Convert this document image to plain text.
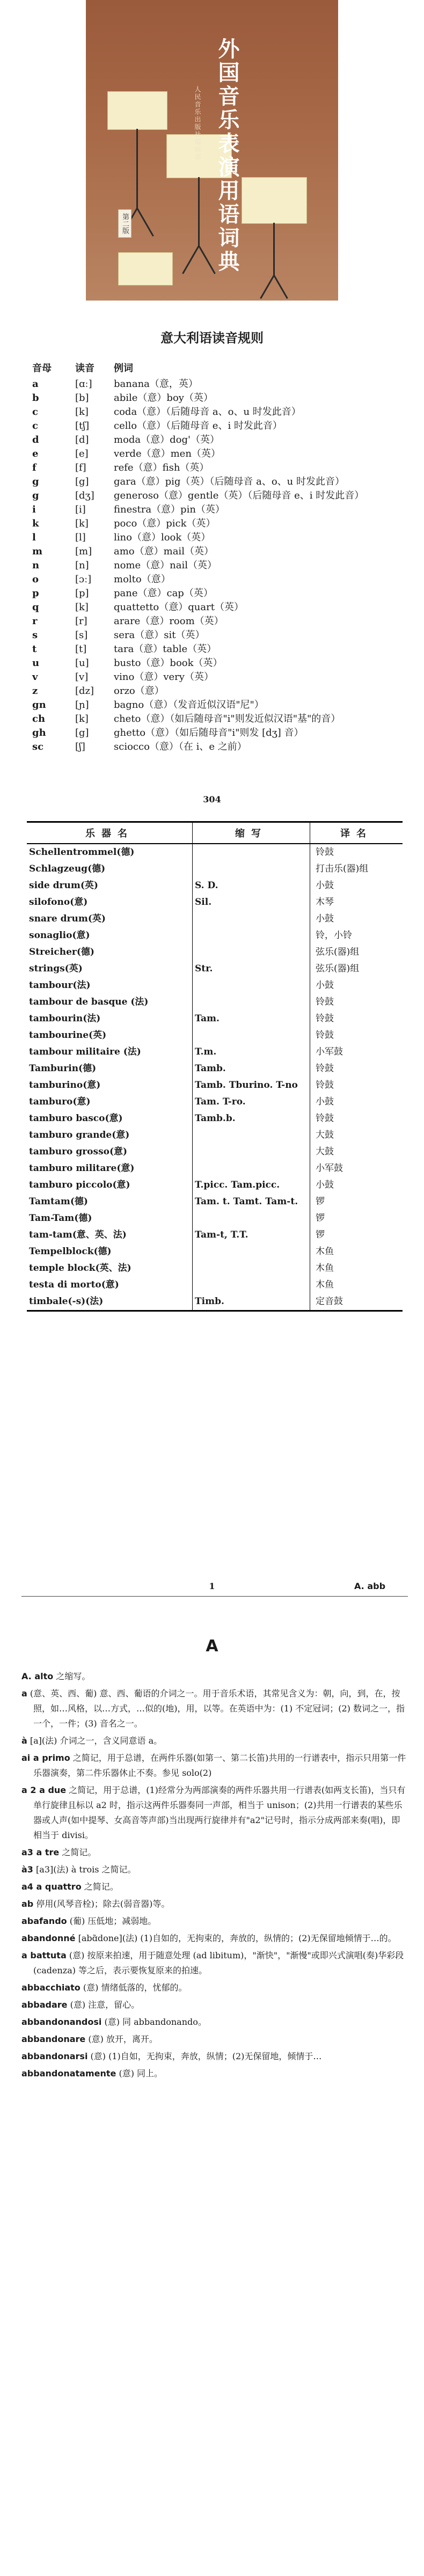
外国音乐表演用语词典
人民音乐出版社编辑部
第二版
意大利语读音规则
音母	读音	例词
a	[ɑː]	banana（意，英）
b	[b]	abile（意）boy（英）
c	[k]	coda（意）（后随母音 a、o、u 时发此音）
c	[tʃ]	cello（意）（后随母音 e、i 时发此音）
d	[d]	moda（意）dog'（英）
e	[e]	verde（意）men（英）
f	[f]	refe（意）fish（英）
g	[g]	gara（意）pig（英）（后随母音 a、o、u 时发此音）
g	[dʒ]	generoso（意）gentle（英）（后随母音 e、i 时发此音）
i	[i]	finestra（意）pin（英）
k	[k]	poco（意）pick（英）
l	[l]	lino（意）look（英）
m	[m]	amo（意）mail（英）
n	[n]	nome（意）nail（英）
o	[ɔː]	molto（意）
p	[p]	pane（意）cap（英）
q	[k]	quattetto（意）quart（英）
r	[r]	arare（意）room（英）
s	[s]	sera（意）sit（英）
t	[t]	tara（意）table（英）
u	[u]	busto（意）book（英）
v	[v]	vino（意）very（英）
z	[dz]	orzo（意）
gn	[ɲ]	bagno（意）（发音近似汉语"尼"）
ch	[k]	cheto（意）（如后随母音"i"则发近似汉语"基"的音）
gh	[g]	ghetto（意）（如后随母音"i"则发 [dʒ] 音）
sc	[ʃ]	sciocco（意）（在 i、e 之前）
304
乐器名	缩写	译名
Schellentrommel(德)		铃鼓
Schlagzeug(德)		打击乐(器)组
side drum(英)	S. D.	小鼓
silofono(意)	Sil.	木琴
snare drum(英)		小鼓
sonaglio(意)		铃，小铃
Streicher(德)		弦乐(器)组
strings(英)	Str.	弦乐(器)组
tambour(法)		小鼓
tambour de basque (法)		铃鼓
tambourin(法)	Tam.	铃鼓
tambourine(英)		铃鼓
tambour militaire (法)	T.m.	小军鼓
Tamburin(德)	Tamb.	铃鼓
tamburino(意)	Tamb. Tburino. T-no	铃鼓
tamburo(意)	Tam. T-ro.	小鼓
tamburo basco(意)	Tamb.b.	铃鼓
tamburo grande(意)		大鼓
tamburo grosso(意)		大鼓
tamburo militare(意)		小军鼓
tamburo piccolo(意)	T.picc. Tam.picc.	小鼓
Tamtam(德)	Tam. t. Tamt. Tam-t.	锣
Tam-Tam(德)		锣
tam-tam(意、英、法)	Tam-t, T.T.	锣
Tempelblock(德)		木鱼
temple block(英、法)		木鱼
testa di morto(意)		木鱼
timbale(-s)(法)	Timb.	定音鼓
1	A. abb
A
A. alto 之缩写。
a (意、英、西、葡) 意、西、葡语的介词之一。用于音乐术语，其常见含义为：朝，向，到，在，按照，如…风格，以…方式，…似的(地)，用，以等。在英语中为：(1) 不定冠词；(2) 数词之一，指一个，一件；(3) 音名之一。
à [a](法) 介词之一，含义同意语 a。
ai a primo 之简记，用于总谱，在两件乐器(如第一、第二长笛)共用的一行谱表中，指示只用第一件乐器演奏，第二件乐器休止不奏。参见 solo(2)
a 2 a due 之简记，用于总谱，(1)经常分为两部演奏的两件乐器共用一行谱表(如两支长笛)，当只有单行旋律且标以 a2 时，指示这两件乐器奏同一声部，相当于 unison；(2)共用一行谱表的某些乐器或人声(如中提琴、女高音等声部)当出现两行旋律并有"a2"记号时，指示分成两部来奏(唱)，即相当于 divisi。
a3 a tre 之简记。
à3 [a3](法) à trois 之简记。
a4 a quattro 之简记。
ab 停用(风琴音栓)；除去(弱音器)等。
abafando (葡) 压低地；减弱地。
abandonné [abɑ̃done](法) (1)自如的，无拘束的，奔放的，纵情的；(2)无保留地倾情于…的。
a battuta (意) 按原来拍速，用于随意处理 (ad libitum)，"渐快"，"渐慢"或即兴式演唱(奏)华彩段 (cadenza) 等之后，表示要恢复原来的拍速。
abbacchiato (意) 情绪低落的，忧郁的。
abbadare (意) 注意，留心。
abbandonandosi (意) 同 abbandonando。
abbandonare (意) 放开，离开。
abbandonarsi (意) (1)自如，无拘束，奔放，纵情；(2)无保留地，倾情于…
abbandonatamente (意) 同上。
